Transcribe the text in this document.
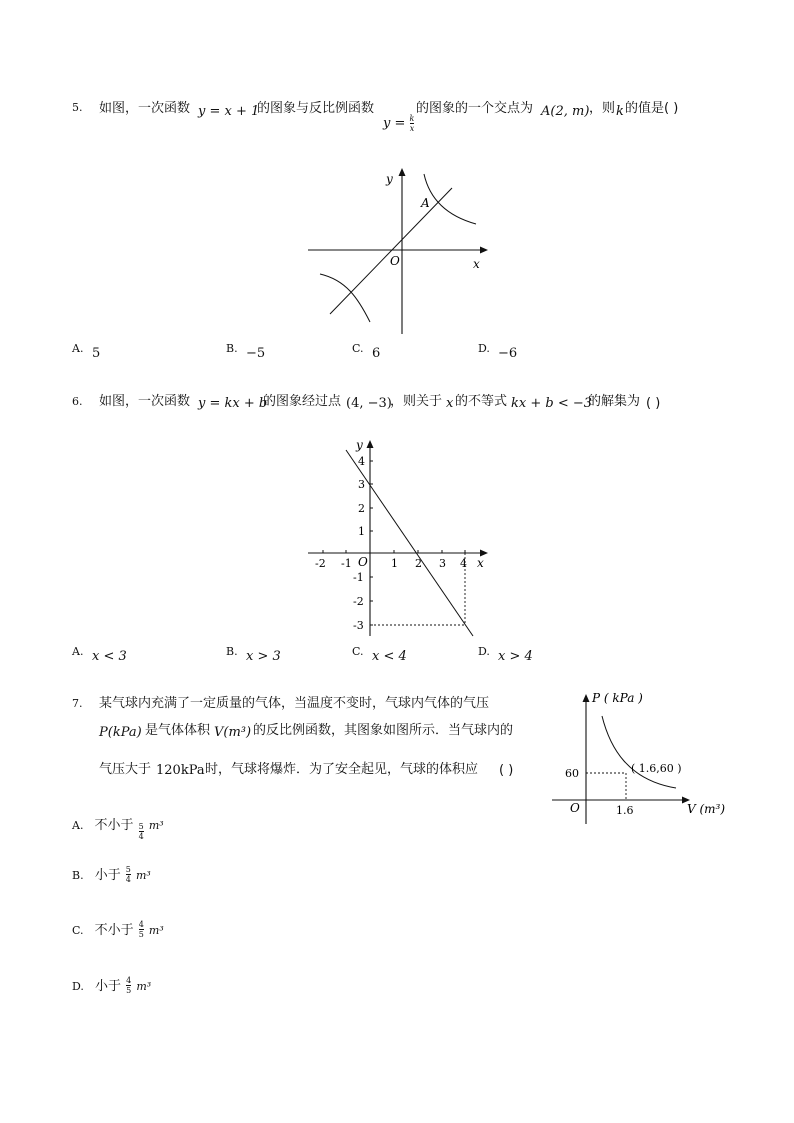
5. 如图，一次函数 y = x + 1
的图象与反比例函数
$y = \frac{k}{x}$
的图象的一个交点为 A(2, m) ，则 k 的值是 ( )
y
x
O
A
A. 5	B. −5	C. 6	D. −6
6. 如图，一次函数 y = kx + b
的图象经过点 (4, −3)
，则关于 x 的不等式 kx + b < −3
的解集为 ( )
-2 -1	1 2 3 4
4
3
2
1
-1
-2
-3
y
x
O
A. x < 3	B. x > 3	C. x < 4	D. x > 4
7. 某气球内充满了一定质量的气体，当温度不变时，气球内气体的气压
P(kPa) 是气体体积 V(m³) 的反比例函数，其图象如图所示．当气球内的
气压大于 120kPa 时，气球将爆炸．为了安全起见，气球的体积应 ( )
P ( kPa )
V (m³)
O
60
1.6
( 1.6,60 )
A. 不小于 $\frac{5}{4} m^3$
B. 小于 $\frac{5}{4} m^3$
C. 不小于 $\frac{4}{5} m^3$
D. 小于 $\frac{4}{5} m^3$
